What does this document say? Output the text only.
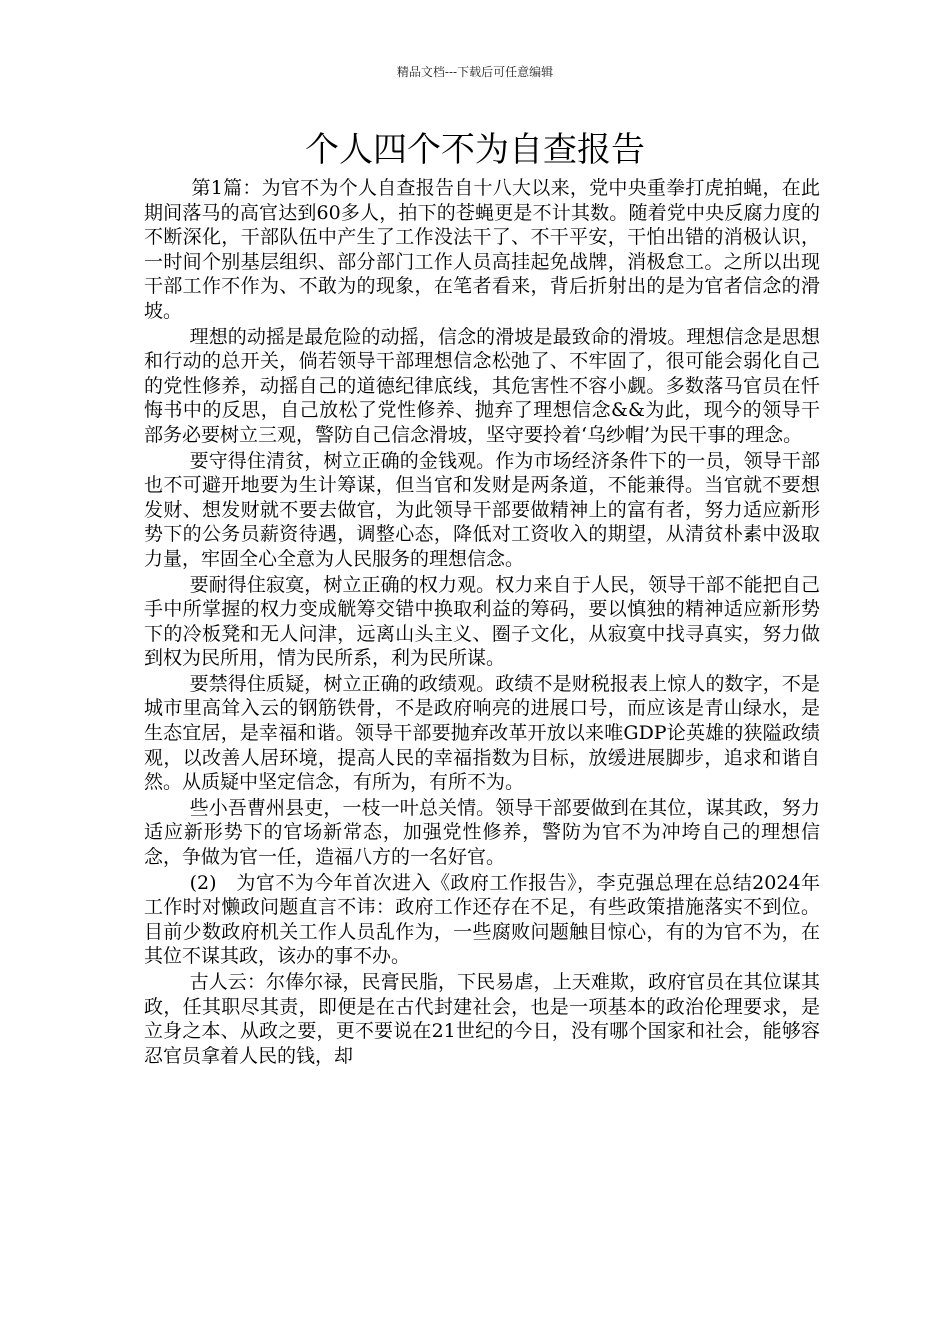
精品文档---下载后可任意编辑
个人四个不为自查报告

第1篇：为官不为个人自查报告自十八大以来，党中央重拳打虎拍蝇，在此期间落马的高官达到60多人，拍下的苍蝇更是不计其数。随着党中央反腐力度的不断深化，干部队伍中产生了工作没法干了、不干平安，干怕出错的消极认识，一时间个别基层组织、部分部门工作人员高挂起免战牌，消极怠工。之所以出现干部工作不作为、不敢为的现象，在笔者看来，背后折射出的是为官者信念的滑坡。

理想的动摇是最危险的动摇，信念的滑坡是最致命的滑坡。理想信念是思想和行动的总开关，倘若领导干部理想信念松弛了、不牢固了，很可能会弱化自己的党性修养，动摇自己的道德纪律底线，其危害性不容小觑。多数落马官员在忏悔书中的反思，自己放松了党性修养、抛弃了理想信念&&为此，现今的领导干部务必要树立三观，警防自己信念滑坡，坚守要拎着‘乌纱帽’为民干事的理念。

要守得住清贫，树立正确的金钱观。作为市场经济条件下的一员，领导干部也不可避开地要为生计筹谋，但当官和发财是两条道，不能兼得。当官就不要想发财、想发财就不要去做官，为此领导干部要做精神上的富有者，努力适应新形势下的公务员薪资待遇，调整心态，降低对工资收入的期望，从清贫朴素中汲取力量，牢固全心全意为人民服务的理想信念。

要耐得住寂寞，树立正确的权力观。权力来自于人民，领导干部不能把自己手中所掌握的权力变成觥筹交错中换取利益的筹码，要以慎独的精神适应新形势下的冷板凳和无人问津，远离山头主义、圈子文化，从寂寞中找寻真实，努力做到权为民所用，情为民所系，利为民所谋。

要禁得住质疑，树立正确的政绩观。政绩不是财税报表上惊人的数字，不是城市里高耸入云的钢筋铁骨，不是政府响亮的进展口号，而应该是青山绿水，是生态宜居，是幸福和谐。领导干部要抛弃改革开放以来唯GDP论英雄的狭隘政绩观，以改善人居环境，提高人民的幸福指数为目标，放缓进展脚步，追求和谐自然。从质疑中坚定信念，有所为，有所不为。

些小吾曹州县吏，一枝一叶总关情。领导干部要做到在其位，谋其政，努力适应新形势下的官场新常态，加强党性修养，警防为官不为冲垮自己的理想信念，争做为官一任，造福八方的一名好官。

(2)　为官不为今年首次进入《政府工作报告》，李克强总理在总结2024年工作时对懒政问题直言不讳：政府工作还存在不足，有些政策措施落实不到位。目前少数政府机关工作人员乱作为，一些腐败问题触目惊心，有的为官不为，在其位不谋其政，该办的事不办。

古人云：尔俸尔禄，民膏民脂，下民易虐，上天难欺，政府官员在其位谋其政，任其职尽其责，即便是在古代封建社会，也是一项基本的政治伦理要求，是立身之本、从政之要，更不要说在21世纪的今日，没有哪个国家和社会，能够容忍官员拿着人民的钱，却
